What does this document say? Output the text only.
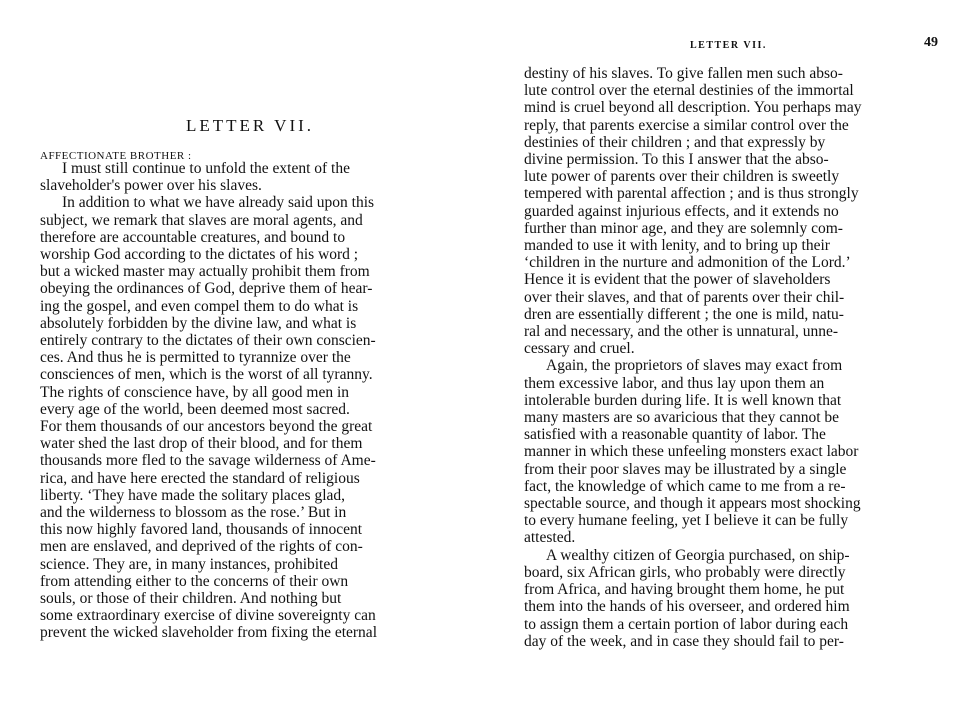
LETTER VII.
AFFECTIONATE BROTHER :
I must still continue to unfold the extent of the
slaveholder's power over his slaves.
In addition to what we have already said upon this
subject, we remark that slaves are moral agents, and
therefore are accountable creatures, and bound to
worship God according to the dictates of his word ;
but a wicked master may actually prohibit them from
obeying the ordinances of God, deprive them of hear-
ing the gospel, and even compel them to do what is
absolutely forbidden by the divine law, and what is
entirely contrary to the dictates of their own conscien-
ces. And thus he is permitted to tyrannize over the
consciences of men, which is the worst of all tyranny.
The rights of conscience have, by all good men in
every age of the world, been deemed most sacred.
For them thousands of our ancestors beyond the great
water shed the last drop of their blood, and for them
thousands more fled to the savage wilderness of Ame-
rica, and have here erected the standard of religious
liberty. ‘They have made the solitary places glad,
and the wilderness to blossom as the rose.’ But in
this now highly favored land, thousands of innocent
men are enslaved, and deprived of the rights of con-
science. They are, in many instances, prohibited
from attending either to the concerns of their own
souls, or those of their children. And nothing but
some extraordinary exercise of divine sovereignty can
prevent the wicked slaveholder from fixing the eternal
LETTER VII.	49
destiny of his slaves. To give fallen men such abso-
lute control over the eternal destinies of the immortal
mind is cruel beyond all description. You perhaps may
reply, that parents exercise a similar control over the
destinies of their children ; and that expressly by
divine permission. To this I answer that the abso-
lute power of parents over their children is sweetly
tempered with parental affection ; and is thus strongly
guarded against injurious effects, and it extends no
further than minor age, and they are solemnly com-
manded to use it with lenity, and to bring up their
‘children in the nurture and admonition of the Lord.’
Hence it is evident that the power of slaveholders
over their slaves, and that of parents over their chil-
dren are essentially different ; the one is mild, natu-
ral and necessary, and the other is unnatural, unne-
cessary and cruel.
Again, the proprietors of slaves may exact from
them excessive labor, and thus lay upon them an
intolerable burden during life. It is well known that
many masters are so avaricious that they cannot be
satisfied with a reasonable quantity of labor. The
manner in which these unfeeling monsters exact labor
from their poor slaves may be illustrated by a single
fact, the knowledge of which came to me from a re-
spectable source, and though it appears most shocking
to every humane feeling, yet I believe it can be fully
attested.
A wealthy citizen of Georgia purchased, on ship-
board, six African girls, who probably were directly
from Africa, and having brought them home, he put
them into the hands of his overseer, and ordered him
to assign them a certain portion of labor during each
day of the week, and in case they should fail to per-
